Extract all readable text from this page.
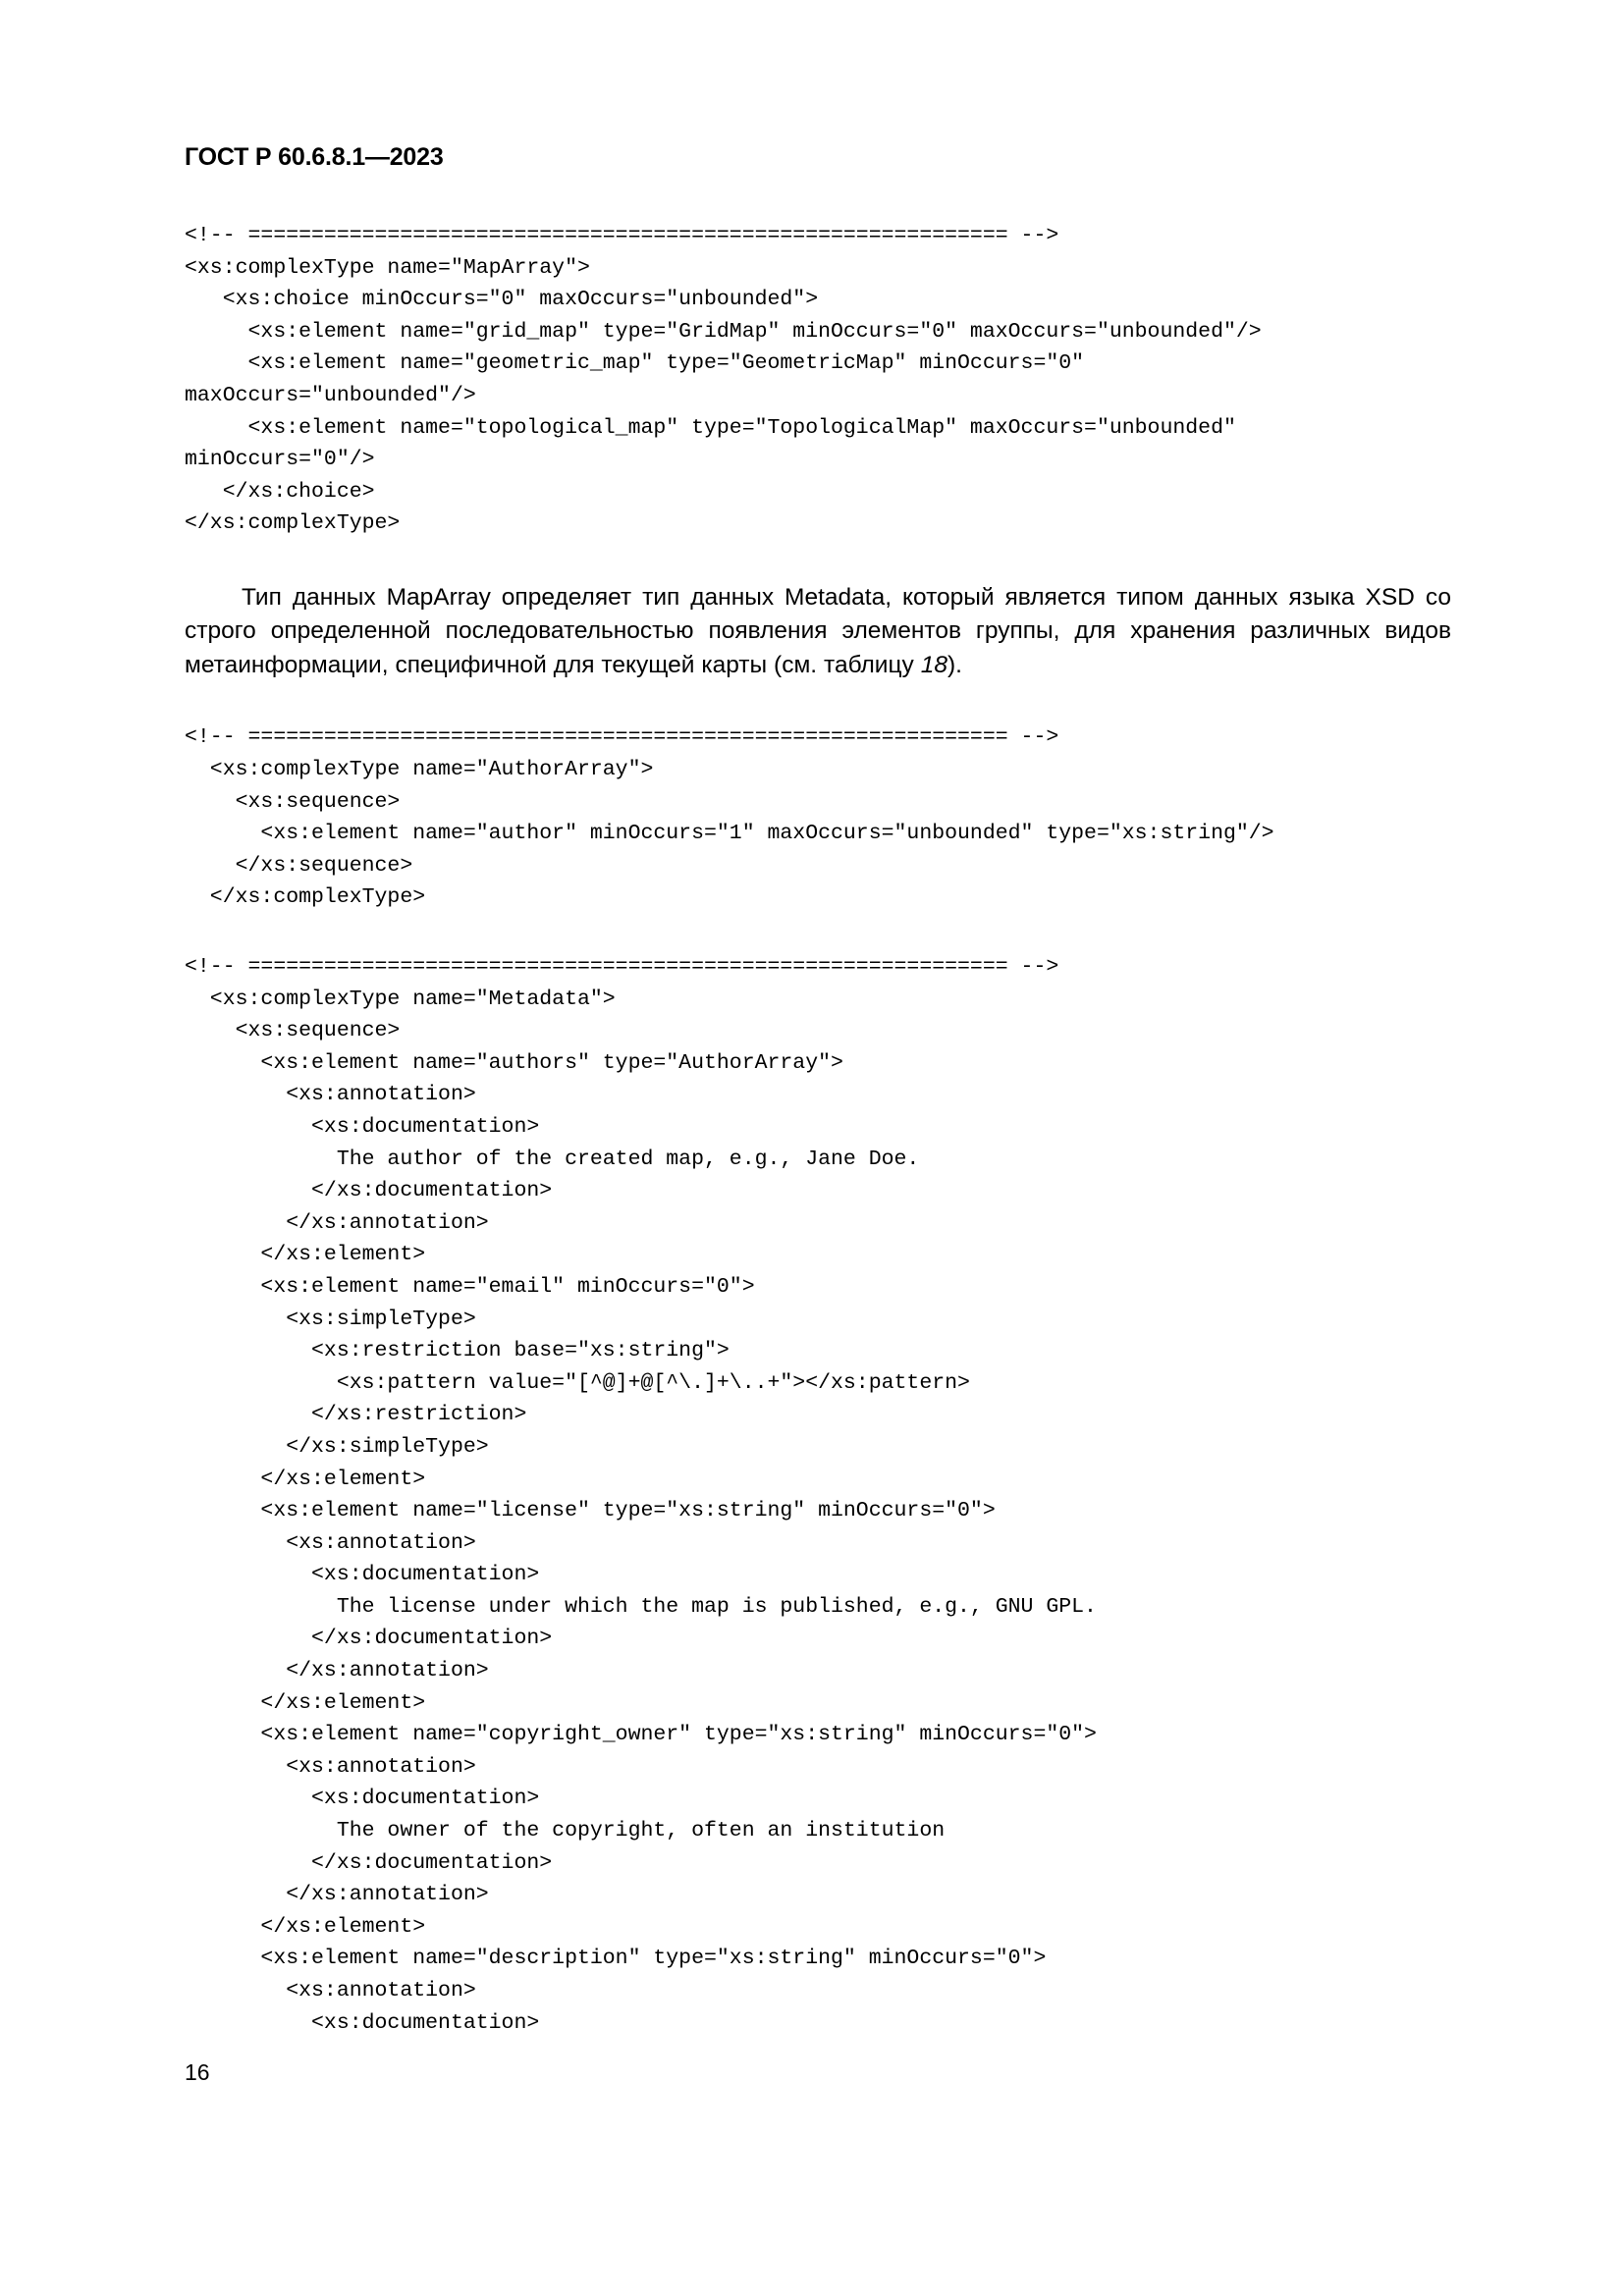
ГОСТ Р 60.6.8.1—2023
<!-- ============================================================ -->
<xs:complexType name="MapArray">
<xs:choice minOccurs="0" maxOccurs="unbounded">
<xs:element name="grid_map" type="GridMap" minOccurs="0" maxOccurs="unbounded"/>
<xs:element name="geometric_map" type="GeometricMap" minOccurs="0"
maxOccurs="unbounded"/>
<xs:element name="topological_map" type="TopologicalMap" maxOccurs="unbounded"
minOccurs="0"/>
</xs:choice>
</xs:complexType>

Тип данных MapArray определяет тип данных Metadata, который является типом данных языка XSD со строго определенной последовательностью появления элементов группы, для хранения различных видов метаинформации, специфичной для текущей карты (см. таблицу 18).

<!-- ============================================================ -->
<xs:complexType name="AuthorArray">
<xs:sequence>
<xs:element name="author" minOccurs="1" maxOccurs="unbounded" type="xs:string"/>
</xs:sequence>
</xs:complexType>
<!-- ============================================================ -->
<xs:complexType name="Metadata">
<xs:sequence>
<xs:element name="authors" type="AuthorArray">
<xs:annotation>
<xs:documentation>
The author of the created map, e.g., Jane Doe.
</xs:documentation>
</xs:annotation>
</xs:element>
<xs:element name="email" minOccurs="0">
<xs:simpleType>
<xs:restriction base="xs:string">
<xs:pattern value="[^@]+@[^\.]+\..+"></xs:pattern>
</xs:restriction>
</xs:simpleType>
</xs:element>
<xs:element name="license" type="xs:string" minOccurs="0">
<xs:annotation>
<xs:documentation>
The license under which the map is published, e.g., GNU GPL.
</xs:documentation>
</xs:annotation>
</xs:element>
<xs:element name="copyright_owner" type="xs:string" minOccurs="0">
<xs:annotation>
<xs:documentation>
The owner of the copyright, often an institution
</xs:documentation>
</xs:annotation>
</xs:element>
<xs:element name="description" type="xs:string" minOccurs="0">
<xs:annotation>
<xs:documentation>
16
